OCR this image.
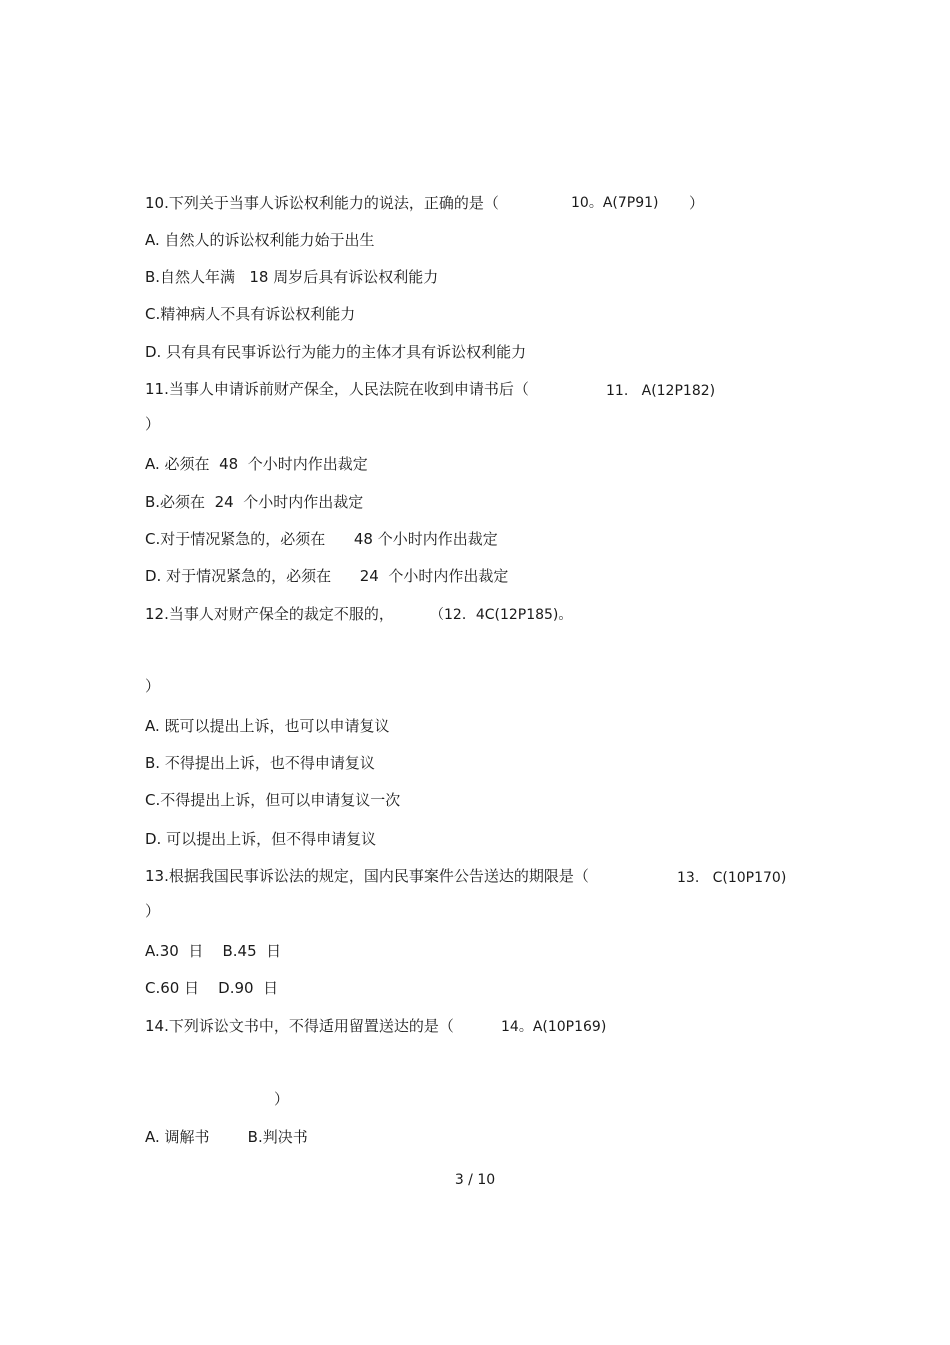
10.下列关于当事人诉讼权利能力的说法，正确的是（	10。A(7P91) ）
A. 自然人的诉讼权利能力始于出生
B.自然人年满   18 周岁后具有诉讼权利能力
C.精神病人不具有诉讼权利能力
D. 只有具有民事诉讼行为能力的主体才具有诉讼权利能力
11.当事人申请诉前财产保全，人民法院在收到申请书后（	11.   A(12P182)
）
A. 必须在  48  个小时内作出裁定
B.必须在  24  个小时内作出裁定
C.对于情况紧急的，必须在      48 个小时内作出裁定
D. 对于情况紧急的，必须在      24  个小时内作出裁定
12.当事人对财产保全的裁定不服的，	（12．4C(12P185)。
）
A. 既可以提出上诉，也可以申请复议
B. 不得提出上诉，也不得申请复议
C.不得提出上诉，但可以申请复议一次
D. 可以提出上诉，但不得申请复议
13.根据我国民事诉讼法的规定，国内民事案件公告送达的期限是（	13.   C(10P170)
）
A.30  日    B.45  日
C.60 日    D.90  日
14.下列诉讼文书中，不得适用留置送达的是（	14。A(10P169)
）
A. 调解书        B.判决书
3 / 10
